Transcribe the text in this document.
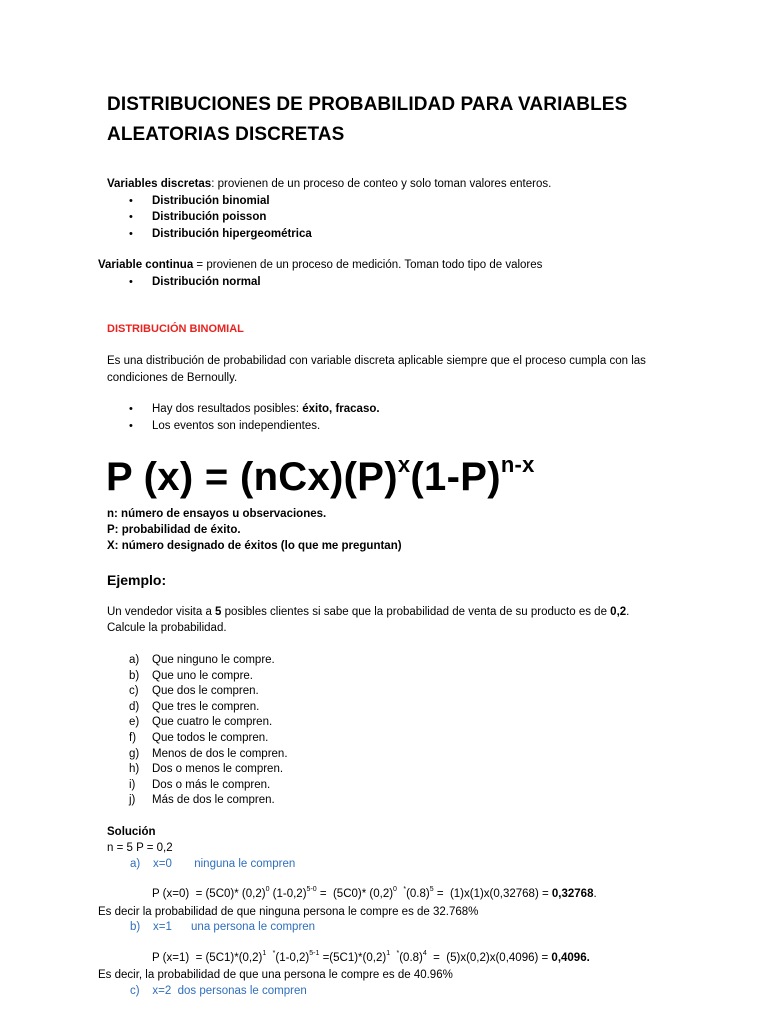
DISTRIBUCIONES DE PROBABILIDAD PARA VARIABLES
ALEATORIAS DISCRETAS
Variables discretas: provienen de un proceso de conteo y solo toman valores enteros.
• Distribución binomial
• Distribución poisson
• Distribución hipergeométrica
Variable continua = provienen de un proceso de medición. Toman todo tipo de valores
• Distribución normal
DISTRIBUCIÓN BINOMIAL
Es una distribución de probabilidad con variable discreta aplicable siempre que el proceso cumpla con las
condiciones de Bernoully.
• Hay dos resultados posibles: éxito, fracaso.
• Los eventos son independientes.
P $(x) = (nCx)(P)^x(1-P)^{n-x}$
n: número de ensayos u observaciones.
P: probabilidad de éxito.
X: número designado de éxitos (lo que me preguntan)
Ejemplo:
Un vendedor visita a 5 posibles clientes si sabe que la probabilidad de venta de su producto es de 0,2.
Calcule la probabilidad.
a) Que ninguno le compre.
b) Que uno le compre.
c) Que dos le compren.
d) Que tres le compren.
e) Que cuatro le compren.
f) Que todos le compren.
g) Menos de dos le compren.
h) Dos o menos le compren.
i) Dos o más le compren.
j) Más de dos le compren.
Solución
n = 5 P = 0,2
a)    x=0       ninguna le compren
P (x=0)  = (5C0)* $(0,2)^0$ $(1-0,2)^{5-0} = (5C0)*$ $(0,2)^0$ $^*(0.8)^5 = (1)x(1)x(0,32768) = 0,32768$.
Es decir la probabilidad de que ninguna persona le compre es de 32.768%
b)    x=1      una persona le compren
P $(x=1) = (5C1)*(0,2)^1$ $^*(1-0,2)^{5-1} =(5C1)*(0,2)^1$ $^*(0.8)^4 = (5)x(0,2)x(0,4096) = 0,4096$.
Es decir, la probabilidad de que una persona le compre es de 40.96%
c)    x=2  dos personas le compren
